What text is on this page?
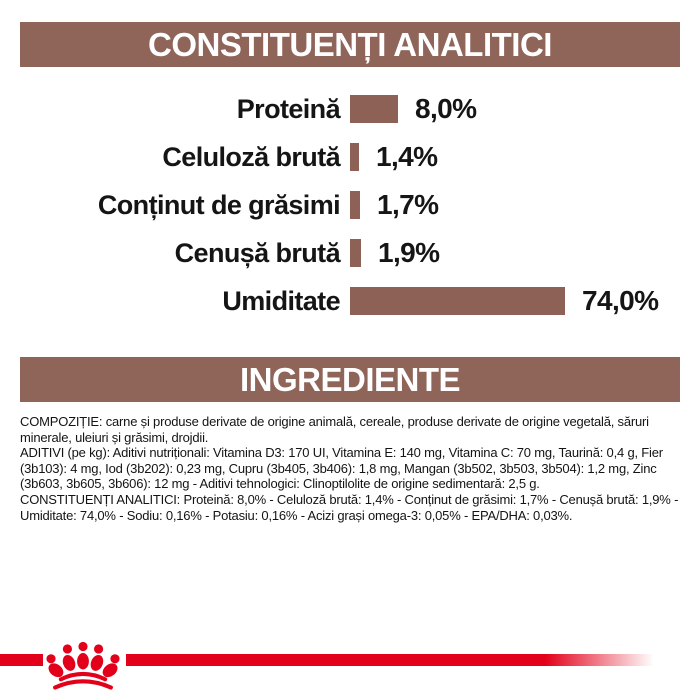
CONSTITUENȚI ANALITICI
Proteină	8,0%
Celuloză brută 1,4%
Conținut de grăsimi 1,7%
Cenușă brută 1,9%
Umiditate	74,0%
INGREDIENTE

COMPOZIȚIE: carne și produse derivate de origine animală, cereale, produse derivate de origine vegetală, săruri minerale, uleiuri și grăsimi, drojdii.

ADITIVI (pe kg): Aditivi nutriționali: Vitamina D3: 170 UI, Vitamina E: 140 mg, Vitamina C: 70 mg, Taurină: 0,4 g, Fier (3b103): 4 mg, Iod (3b202): 0,23 mg, Cupru (3b405, 3b406): 1,8 mg, Mangan (3b502, 3b503, 3b504): 1,2 mg, Zinc (3b603, 3b605, 3b606): 12 mg - Aditivi tehnologici: Clinoptilolite de origine sedimentară: 2,5 g.

CONSTITUENȚI ANALITICI: Proteină: 8,0% - Celuloză brută: 1,4% - Conținut de grăsimi: 1,7% - Cenușă brută: 1,9% - Umiditate: 74,0% - Sodiu: 0,16% - Potasiu: 0,16% - Acizi grași omega-3: 0,05% - EPA/DHA: 0,03%.
